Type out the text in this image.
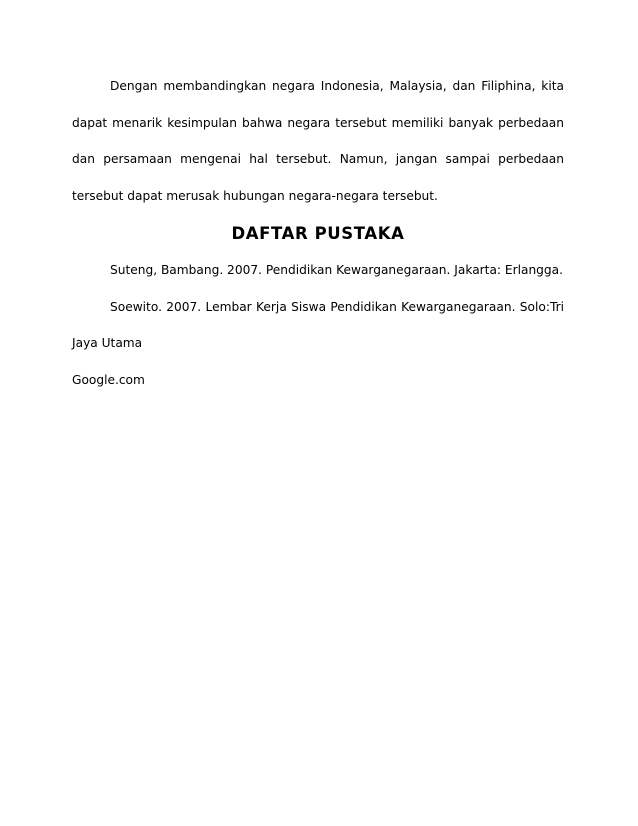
Dengan membandingkan negara Indonesia, Malaysia, dan Filiphina, kita dapat menarik kesimpulan bahwa negara tersebut memiliki banyak perbedaan dan persamaan mengenai hal tersebut. Namun, jangan sampai perbedaan tersebut dapat merusak hubungan negara-negara tersebut.

DAFTAR PUSTAKA

Suteng, Bambang. 2007. Pendidikan Kewarganegaraan. Jakarta: Erlangga.

Soewito. 2007. Lembar Kerja Siswa Pendidikan Kewarganegaraan. Solo:Tri Jaya Utama

Google.com
